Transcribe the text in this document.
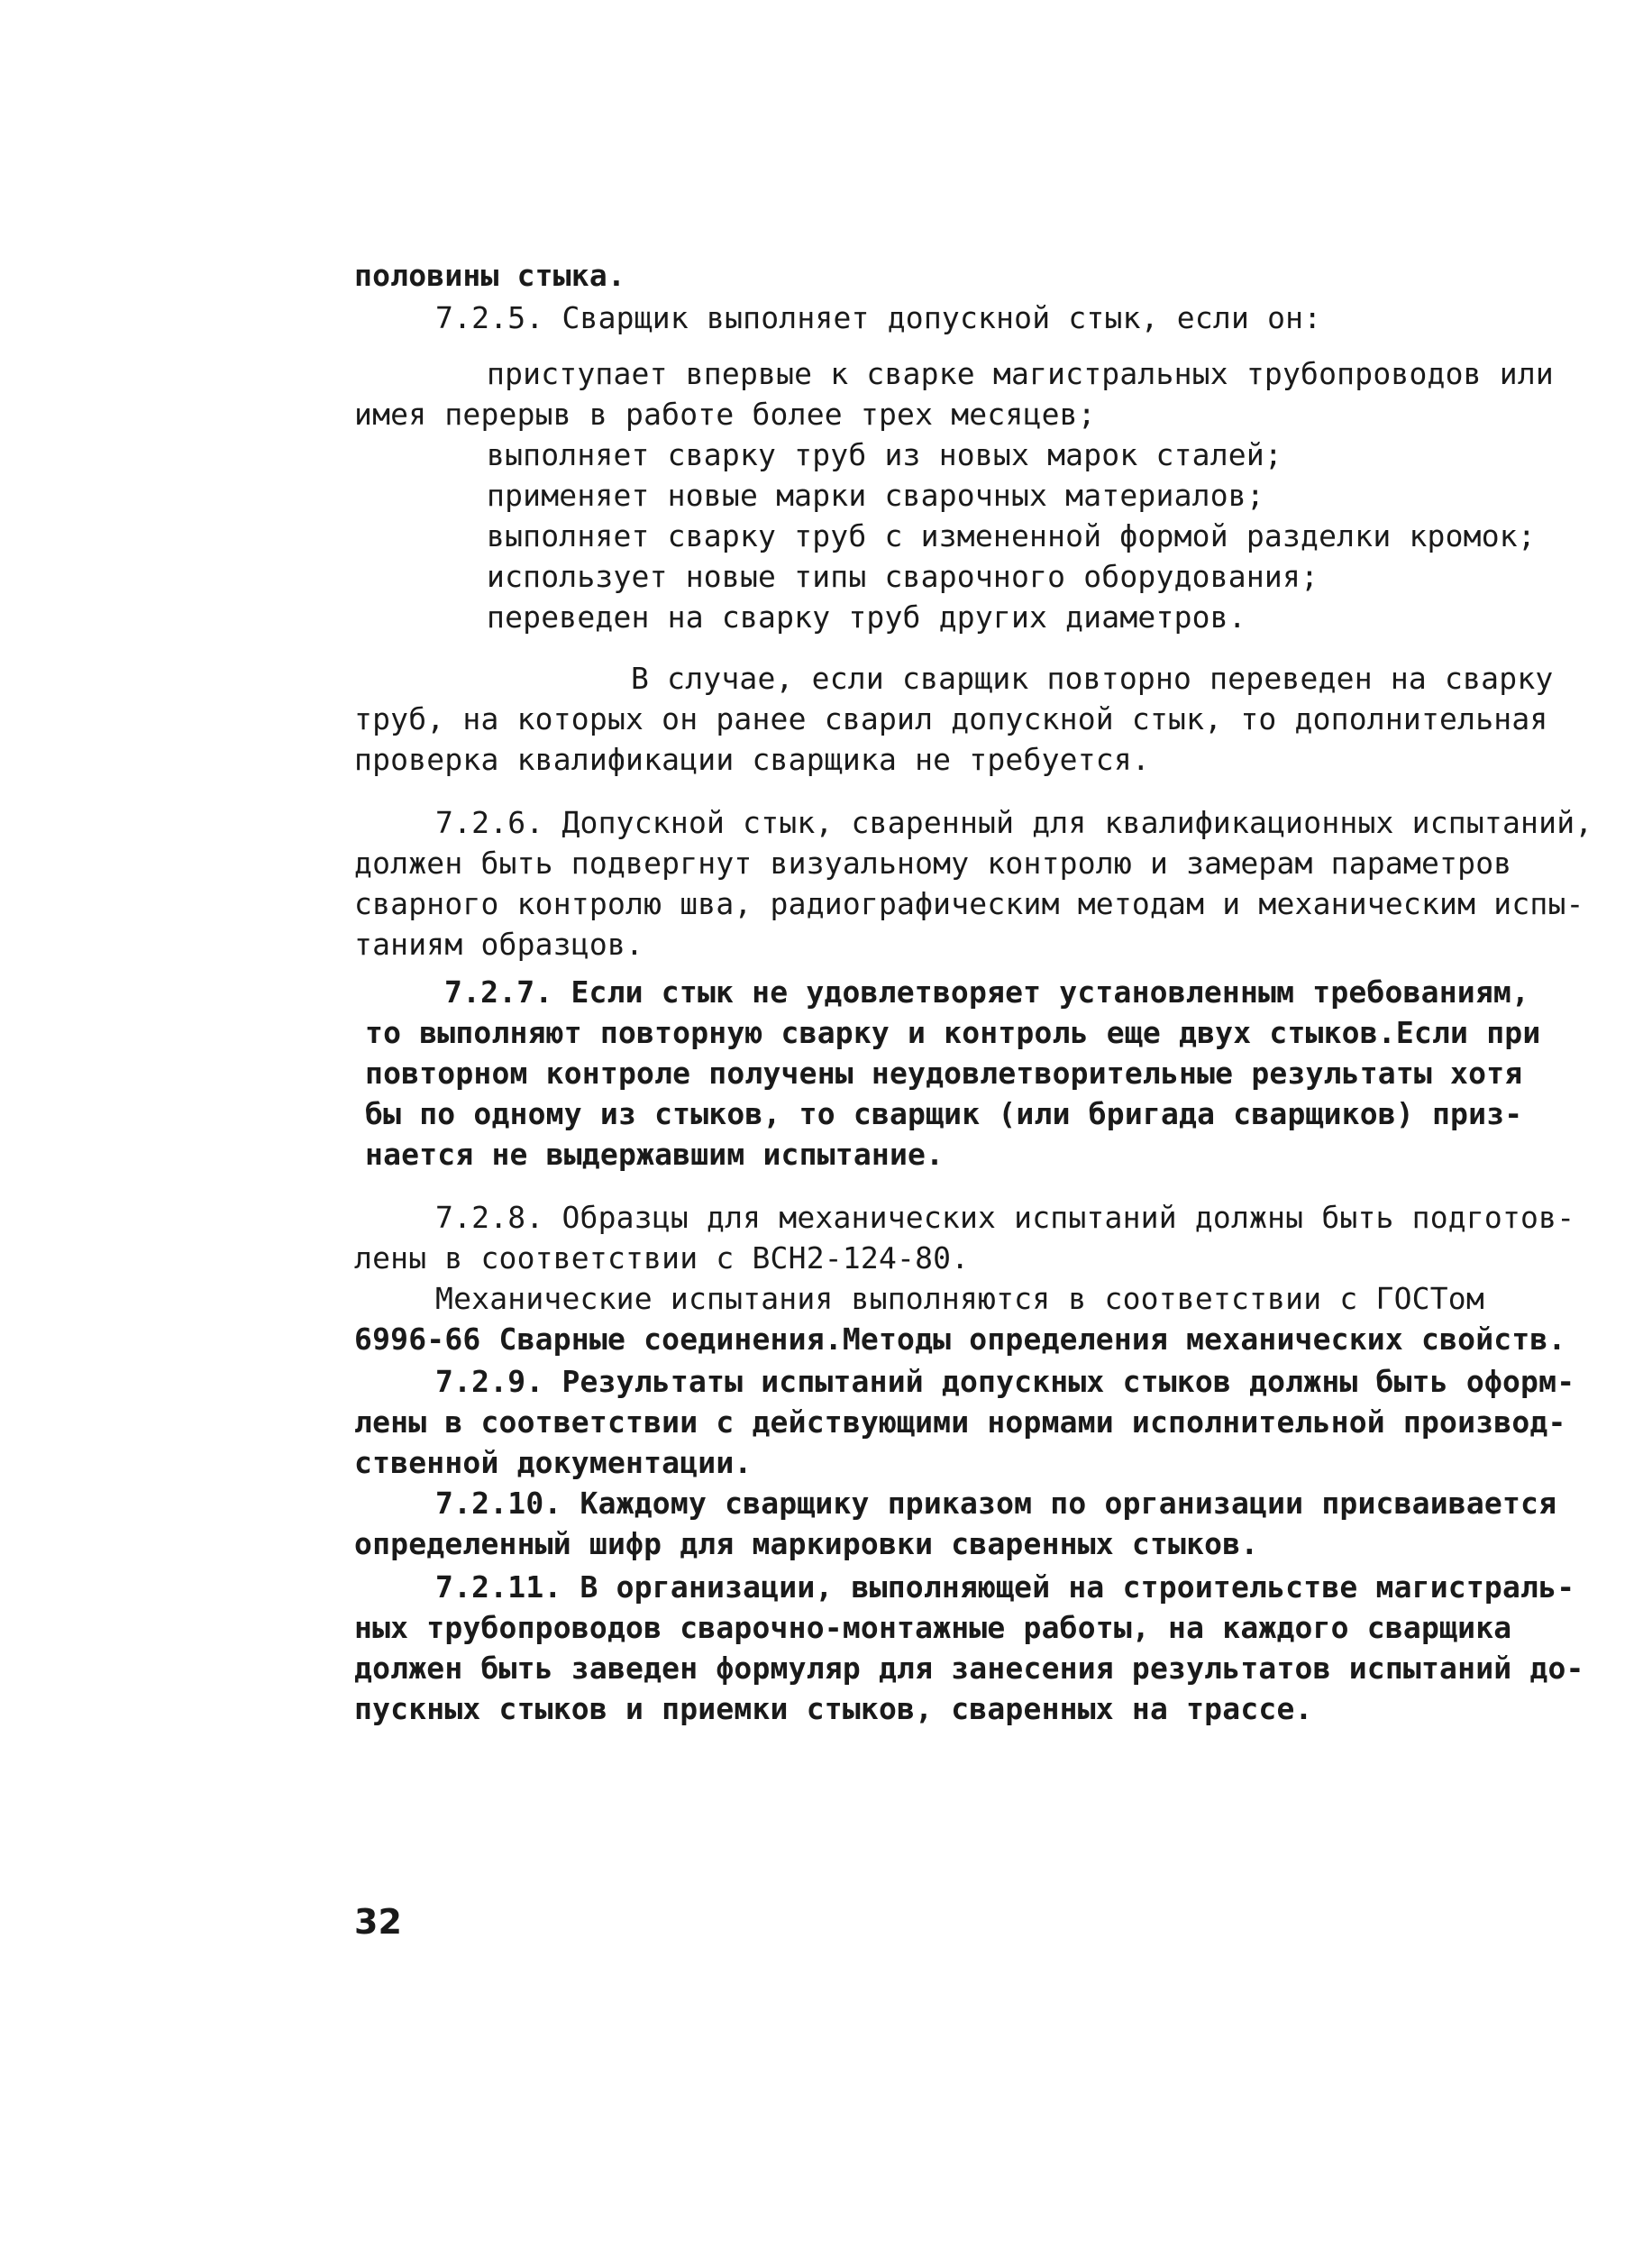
половины стыка.
7.2.5. Сварщик выполняет допускной стык, если он:
приступает впервые к сварке магистральных трубопроводов или
имея перерыв в работе более трех месяцев;
выполняет сварку труб из новых марок сталей;
применяет новые марки сварочных материалов;
выполняет сварку труб с измененной формой разделки кромок;
использует новые типы сварочного оборудования;
переведен на сварку труб других диаметров.
В случае, если сварщик повторно переведен на сварку
труб, на которых он ранее сварил допускной стык, то дополнительная
проверка квалификации сварщика не требуется.
7.2.6. Допускной стык, сваренный для квалификационных испытаний,
должен быть подвергнут визуальному контролю и замерам параметров
сварного контролю шва, радиографическим методам и механическим испы-
таниям образцов.
7.2.7. Если стык не удовлетворяет установленным требованиям,
то выполняют повторную сварку и контроль еще двух стыков.Если при
повторном контроле получены неудовлетворительные результаты хотя
бы по одному из стыков, то сварщик (или бригада сварщиков) приз-
нается не выдержавшим испытание.
7.2.8. Образцы для механических испытаний должны быть подготов-
лены в соответствии с ВСН2-124-80.
Механические испытания выполняются в соответствии с ГОСТом
6996-66 Сварные соединения.Методы определения механических свойств.
7.2.9. Результаты испытаний допускных стыков должны быть оформ-
лены в соответствии с действующими нормами исполнительной производ-
ственной документации.
7.2.10. Каждому сварщику приказом по организации присваивается
определенный шифр для маркировки сваренных стыков.
7.2.11. В организации, выполняющей на строительстве магистраль-
ных трубопроводов сварочно-монтажные работы, на каждого сварщика
должен быть заведен формуляр для занесения результатов испытаний до-
пускных стыков и приемки стыков, сваренных на трассе.
32
